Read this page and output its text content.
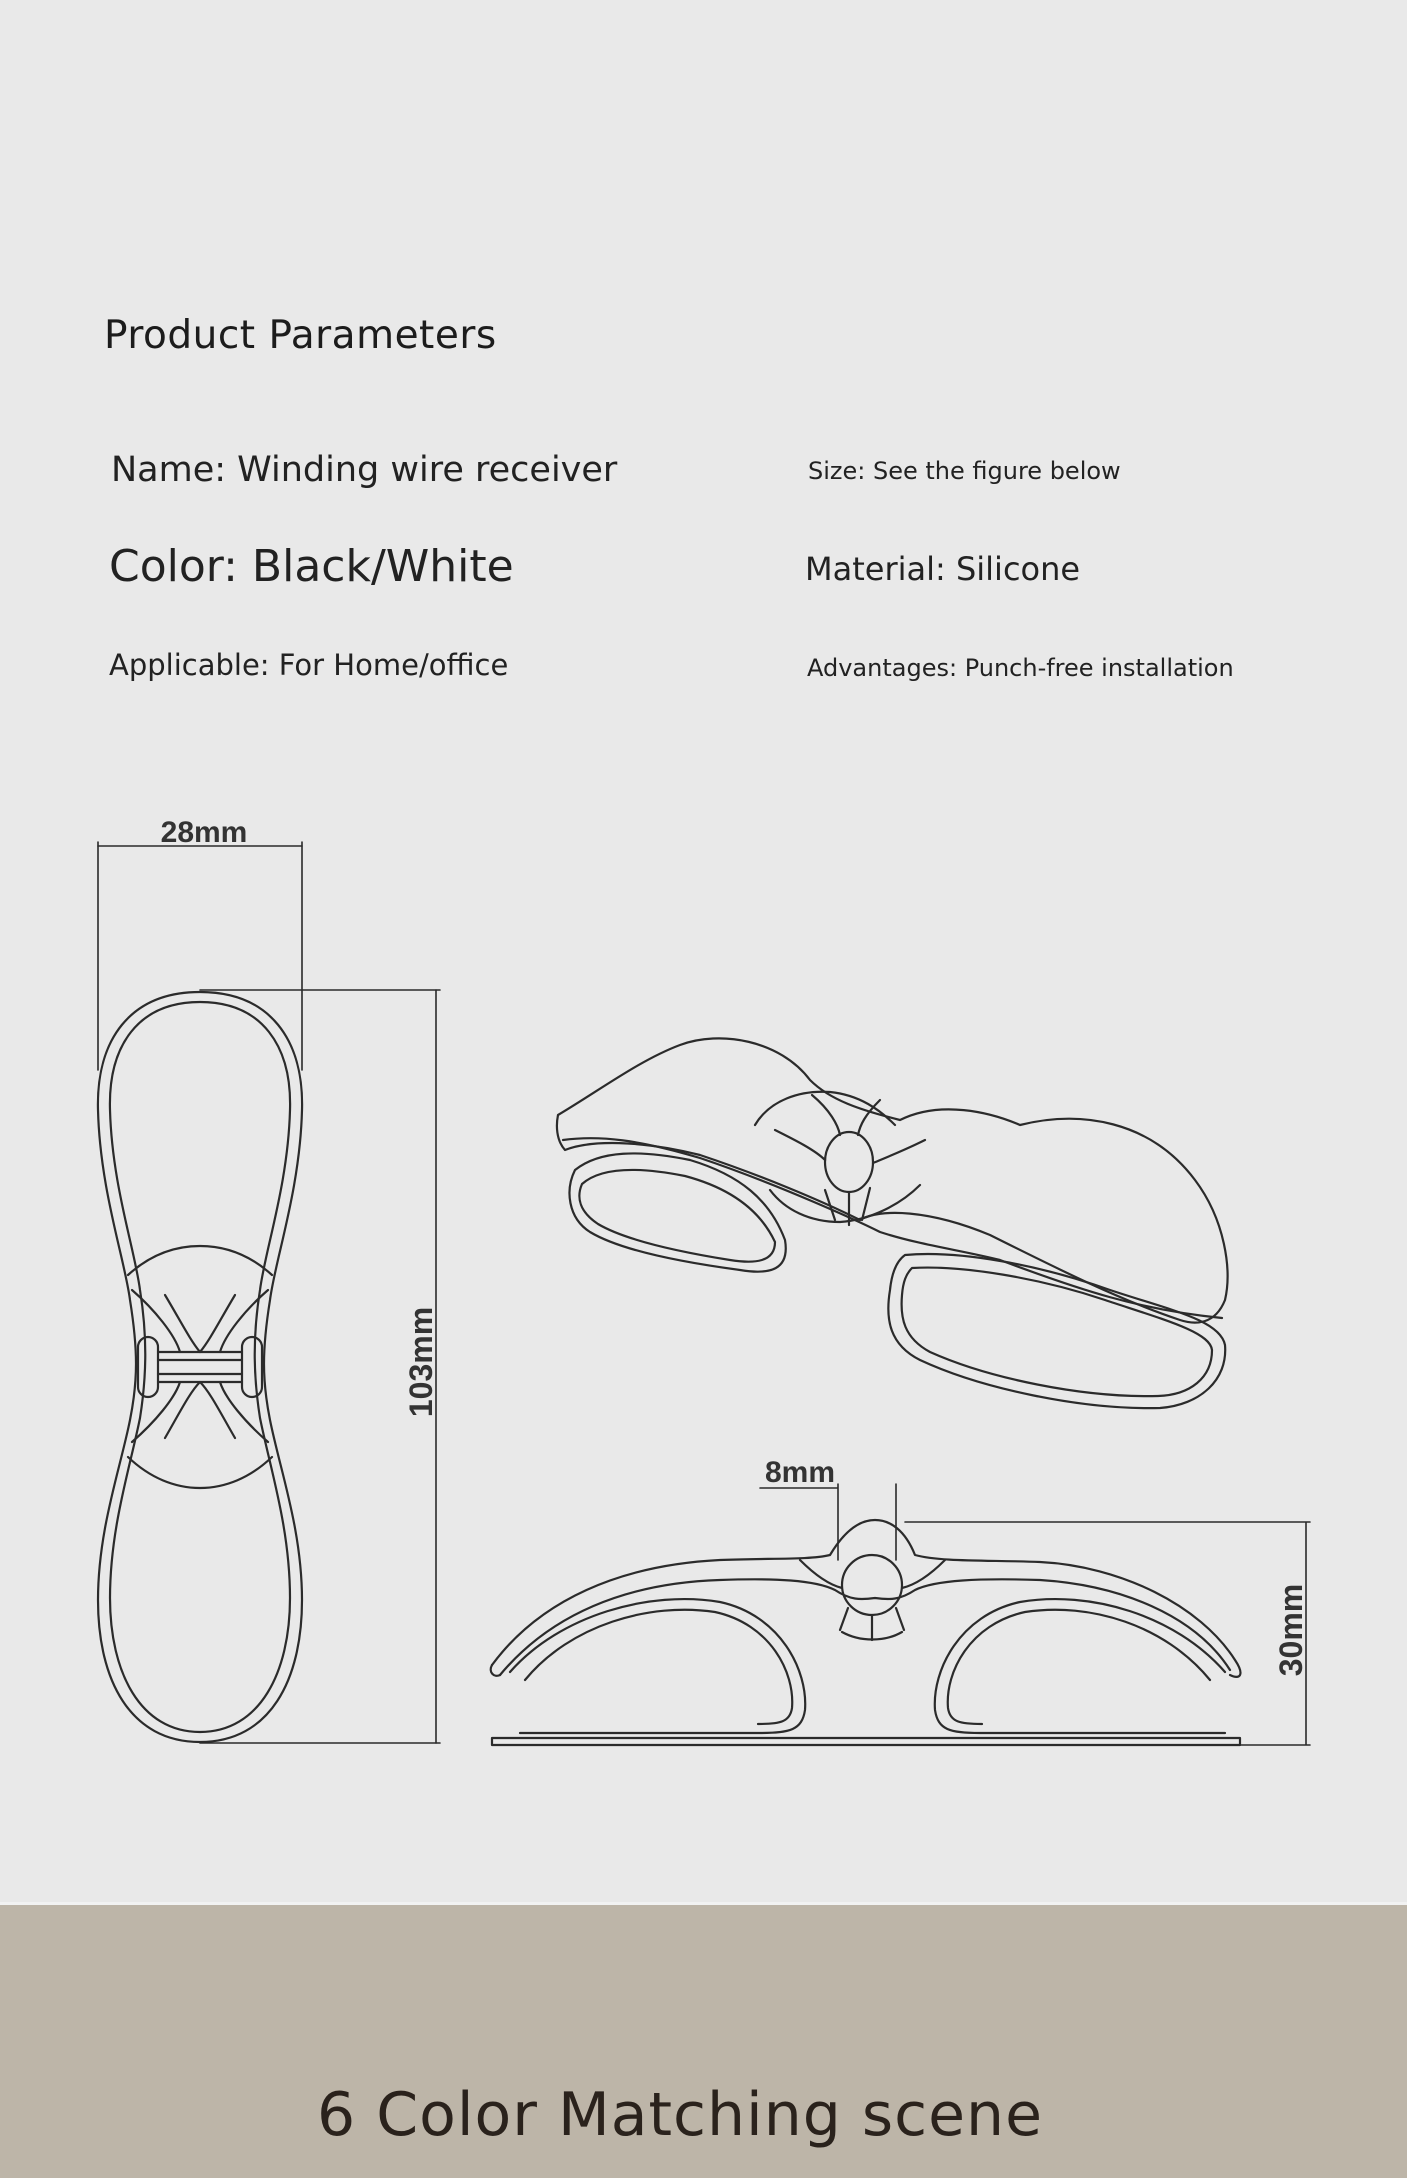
Product Parameters
Name: Winding wire receiver	Size: See the figure below
Color: Black/White	Material: Silicone
Applicable: For Home/office	Advantages: Punch-free installation
28mm
103mm
8mm
30mm
6 Color Matching scene
